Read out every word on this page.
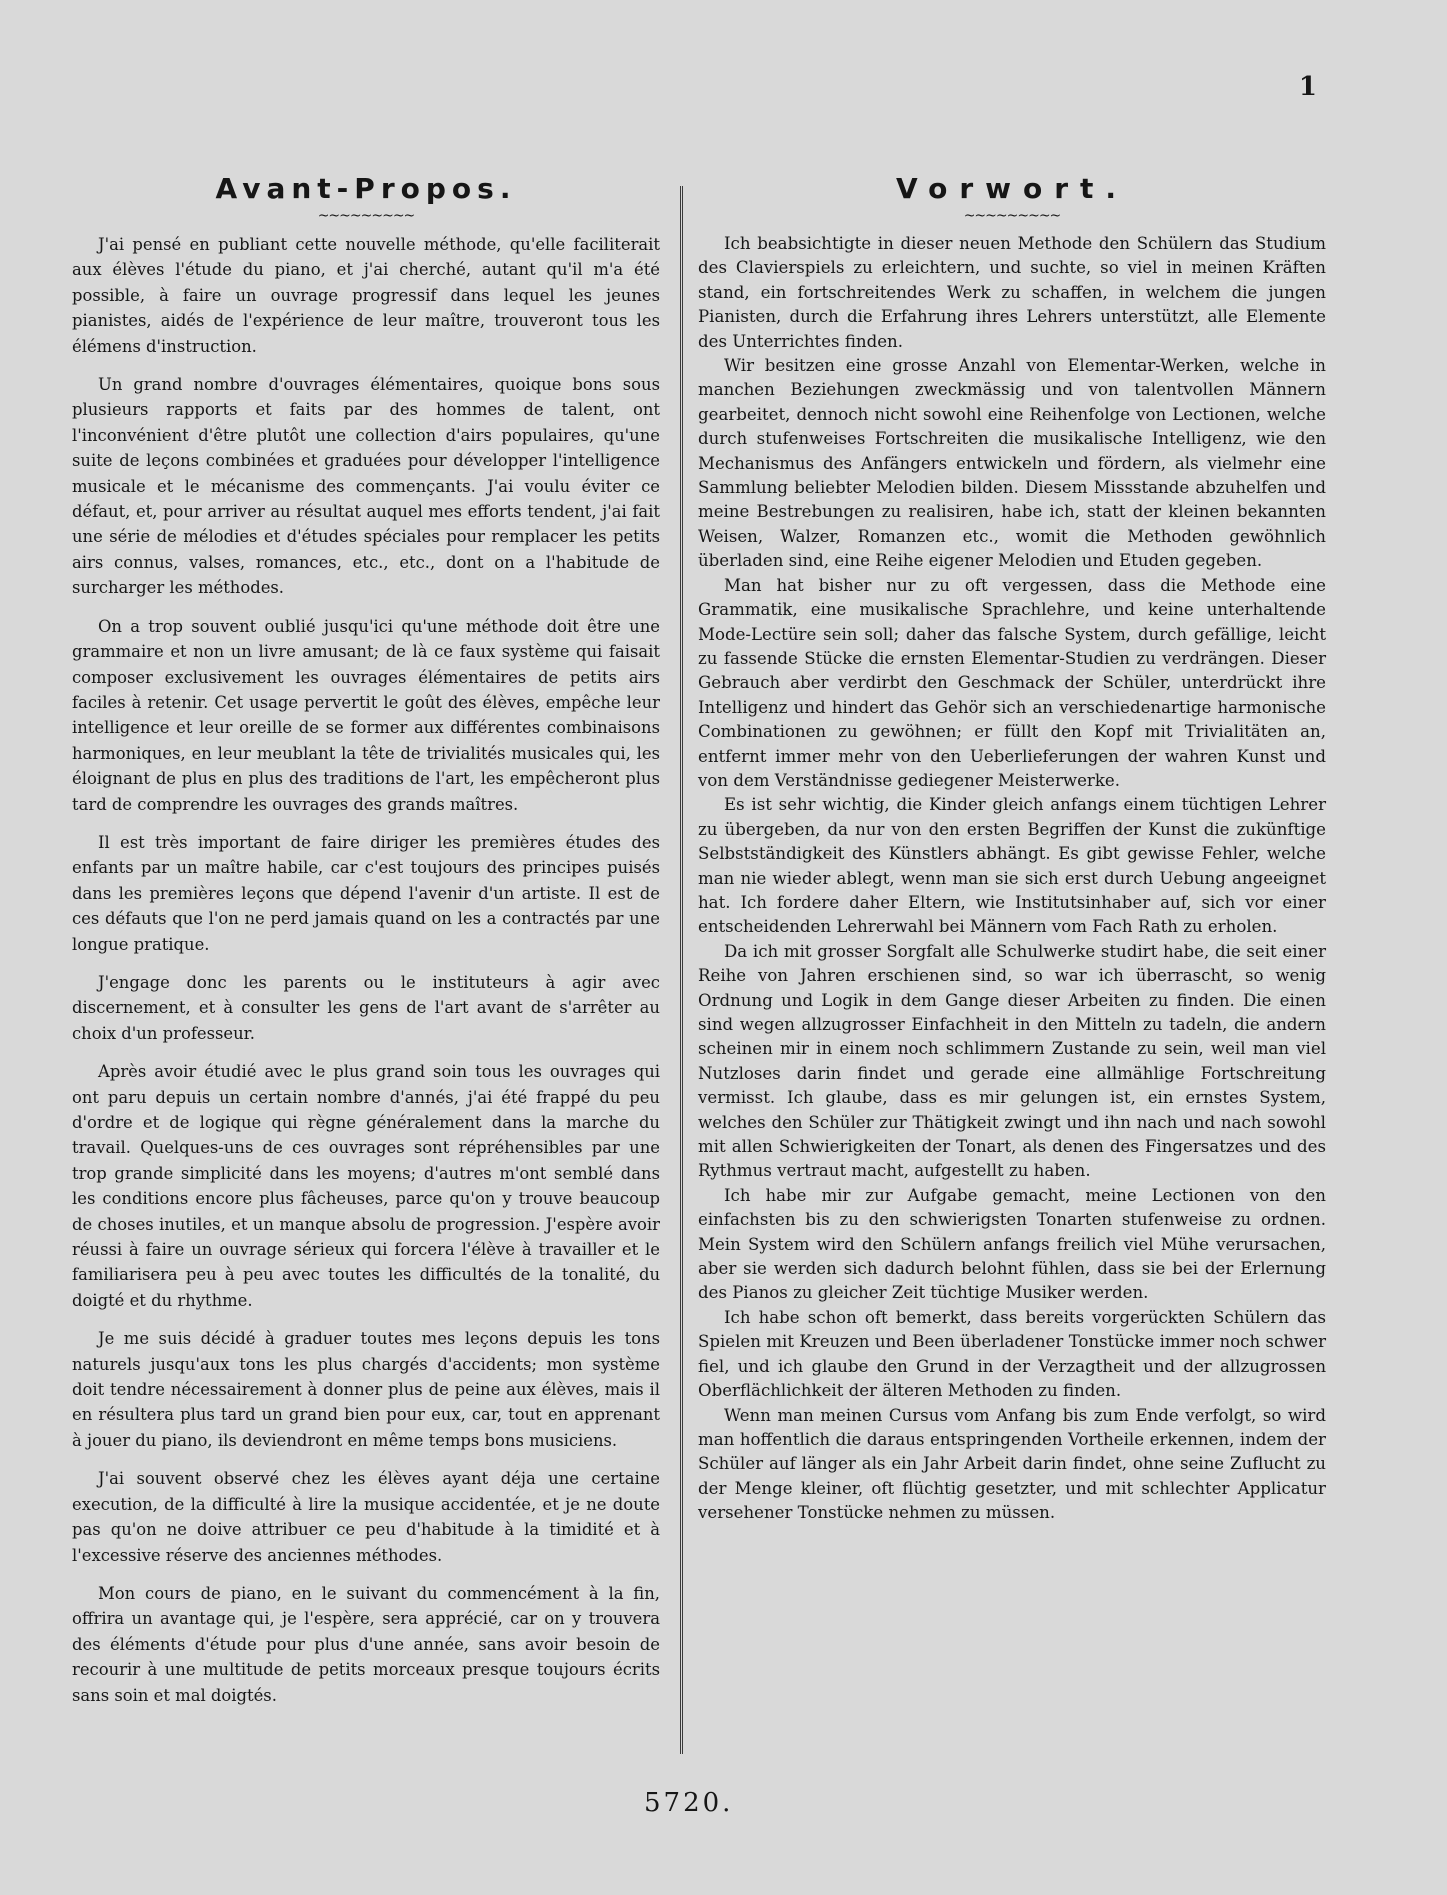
1
Avant-Propos.
~~~~~~~~~

J'ai pensé en publiant cette nouvelle méthode, qu'elle faciliterait aux élèves l'étude du piano, et j'ai cherché, autant qu'il m'a été possible, à faire un ouvrage progressif dans lequel les jeunes pianistes, aidés de l'expérience de leur maître, trouveront tous les élémens d'instruction.

Un grand nombre d'ouvrages élémentaires, quoique bons sous plusieurs rapports et faits par des hommes de talent, ont l'inconvénient d'être plutôt une collection d'airs populaires, qu'une suite de leçons combinées et graduées pour développer l'intelligence musicale et le mécanisme des commençants. J'ai voulu éviter ce défaut, et, pour arriver au résultat auquel mes efforts tendent, j'ai fait une série de mélodies et d'études spéciales pour remplacer les petits airs connus, valses, romances, etc., etc., dont on a l'habitude de surcharger les méthodes.

On a trop souvent oublié jusqu'ici qu'une méthode doit être une grammaire et non un livre amusant; de là ce faux système qui faisait composer exclusivement les ouvrages élémentaires de petits airs faciles à retenir. Cet usage pervertit le goût des élèves, empêche leur intelligence et leur oreille de se former aux différentes combinaisons harmoniques, en leur meublant la tête de trivialités musicales qui, les éloignant de plus en plus des traditions de l'art, les empêcheront plus tard de comprendre les ouvrages des grands maîtres.

Il est très important de faire diriger les premières études des enfants par un maître habile, car c'est toujours des principes puisés dans les premières leçons que dépend l'avenir d'un artiste. Il est de ces défauts que l'on ne perd jamais quand on les a contractés par une longue pratique.

J'engage donc les parents ou le instituteurs à agir avec discernement, et à consulter les gens de l'art avant de s'arrêter au choix d'un professeur.

Après avoir étudié avec le plus grand soin tous les ouvrages qui ont paru depuis un certain nombre d'annés, j'ai été frappé du peu d'ordre et de logique qui règne généralement dans la marche du travail. Quelques-uns de ces ouvrages sont répréhensibles par une trop grande simplicité dans les moyens; d'autres m'ont semblé dans les conditions encore plus fâcheuses, parce qu'on y trouve beaucoup de choses inutiles, et un manque absolu de progression. J'espère avoir réussi à faire un ouvrage sérieux qui forcera l'élève à travailler et le familiarisera peu à peu avec toutes les difficultés de la tonalité, du doigté et du rhythme.

Je me suis décidé à graduer toutes mes leçons depuis les tons naturels jusqu'aux tons les plus chargés d'accidents; mon système doit tendre nécessairement à donner plus de peine aux élèves, mais il en résultera plus tard un grand bien pour eux, car, tout en apprenant à jouer du piano, ils deviendront en même temps bons musiciens.

J'ai souvent observé chez les élèves ayant déja une certaine execution, de la difficulté à lire la musique accidentée, et je ne doute pas qu'on ne doive attribuer ce peu d'habitude à la timidité et à l'excessive réserve des anciennes méthodes.

Mon cours de piano, en le suivant du commencément à la fin, offrira un avantage qui, je l'espère, sera apprécié, car on y trouvera des éléments d'étude pour plus d'une année, sans avoir besoin de recourir à une multitude de petits morceaux presque toujours écrits sans soin et mal doigtés.

Vorwort.
~~~~~~~~~

Ich beabsichtigte in dieser neuen Methode den Schülern das Studium des Clavierspiels zu erleichtern, und suchte, so viel in meinen Kräften stand, ein fortschreitendes Werk zu schaffen, in welchem die jungen Pianisten, durch die Erfahrung ihres Lehrers unterstützt, alle Elemente des Unterrichtes finden.

Wir besitzen eine grosse Anzahl von Elementar-Werken, welche in manchen Beziehungen zweckmässig und von talentvollen Männern gearbeitet, dennoch nicht sowohl eine Reihenfolge von Lectionen, welche durch stufenweises Fortschreiten die musikalische Intelligenz, wie den Mechanismus des Anfängers entwickeln und fördern, als vielmehr eine Sammlung beliebter Melodien bilden. Diesem Missstande abzuhelfen und meine Bestrebungen zu realisiren, habe ich, statt der kleinen bekannten Weisen, Walzer, Romanzen etc., womit die Methoden gewöhnlich überladen sind, eine Reihe eigener Melodien und Etuden gegeben.

Man hat bisher nur zu oft vergessen, dass die Methode eine Grammatik, eine musikalische Sprachlehre, und keine unterhaltende Mode-Lectüre sein soll; daher das falsche System, durch gefällige, leicht zu fassende Stücke die ernsten Elementar-Studien zu verdrängen. Dieser Gebrauch aber verdirbt den Geschmack der Schüler, unterdrückt ihre Intelligenz und hindert das Gehör sich an verschiedenartige harmonische Combinationen zu gewöhnen; er füllt den Kopf mit Trivialitäten an, entfernt immer mehr von den Ueberlieferungen der wahren Kunst und von dem Verständnisse gediegener Meisterwerke.

Es ist sehr wichtig, die Kinder gleich anfangs einem tüchtigen Lehrer zu übergeben, da nur von den ersten Begriffen der Kunst die zukünftige Selbstständigkeit des Künstlers abhängt. Es gibt gewisse Fehler, welche man nie wieder ablegt, wenn man sie sich erst durch Uebung angeeignet hat. Ich fordere daher Eltern, wie Institutsinhaber auf, sich vor einer entscheidenden Lehrerwahl bei Männern vom Fach Rath zu erholen.

Da ich mit grosser Sorgfalt alle Schulwerke studirt habe, die seit einer Reihe von Jahren erschienen sind, so war ich überrascht, so wenig Ordnung und Logik in dem Gange dieser Arbeiten zu finden. Die einen sind wegen allzugrosser Einfachheit in den Mitteln zu tadeln, die andern scheinen mir in einem noch schlimmern Zustande zu sein, weil man viel Nutzloses darin findet und gerade eine allmählige Fortschreitung vermisst. Ich glaube, dass es mir gelungen ist, ein ernstes System, welches den Schüler zur Thätigkeit zwingt und ihn nach und nach sowohl mit allen Schwierigkeiten der Tonart, als denen des Fingersatzes und des Rythmus vertraut macht, aufgestellt zu haben.

Ich habe mir zur Aufgabe gemacht, meine Lectionen von den einfachsten bis zu den schwierigsten Tonarten stufenweise zu ordnen. Mein System wird den Schülern anfangs freilich viel Mühe verursachen, aber sie werden sich dadurch belohnt fühlen, dass sie bei der Erlernung des Pianos zu gleicher Zeit tüchtige Musiker werden.

Ich habe schon oft bemerkt, dass bereits vorgerückten Schülern das Spielen mit Kreuzen und Been überladener Tonstücke immer noch schwer fiel, und ich glaube den Grund in der Verzagtheit und der allzugrossen Oberflächlichkeit der älteren Methoden zu finden.

Wenn man meinen Cursus vom Anfang bis zum Ende verfolgt, so wird man hoffentlich die daraus entspringenden Vortheile erkennen, indem der Schüler auf länger als ein Jahr Arbeit darin findet, ohne seine Zuflucht zu der Menge kleiner, oft flüchtig gesetzter, und mit schlechter Applicatur versehener Tonstücke nehmen zu müssen.

5720.
